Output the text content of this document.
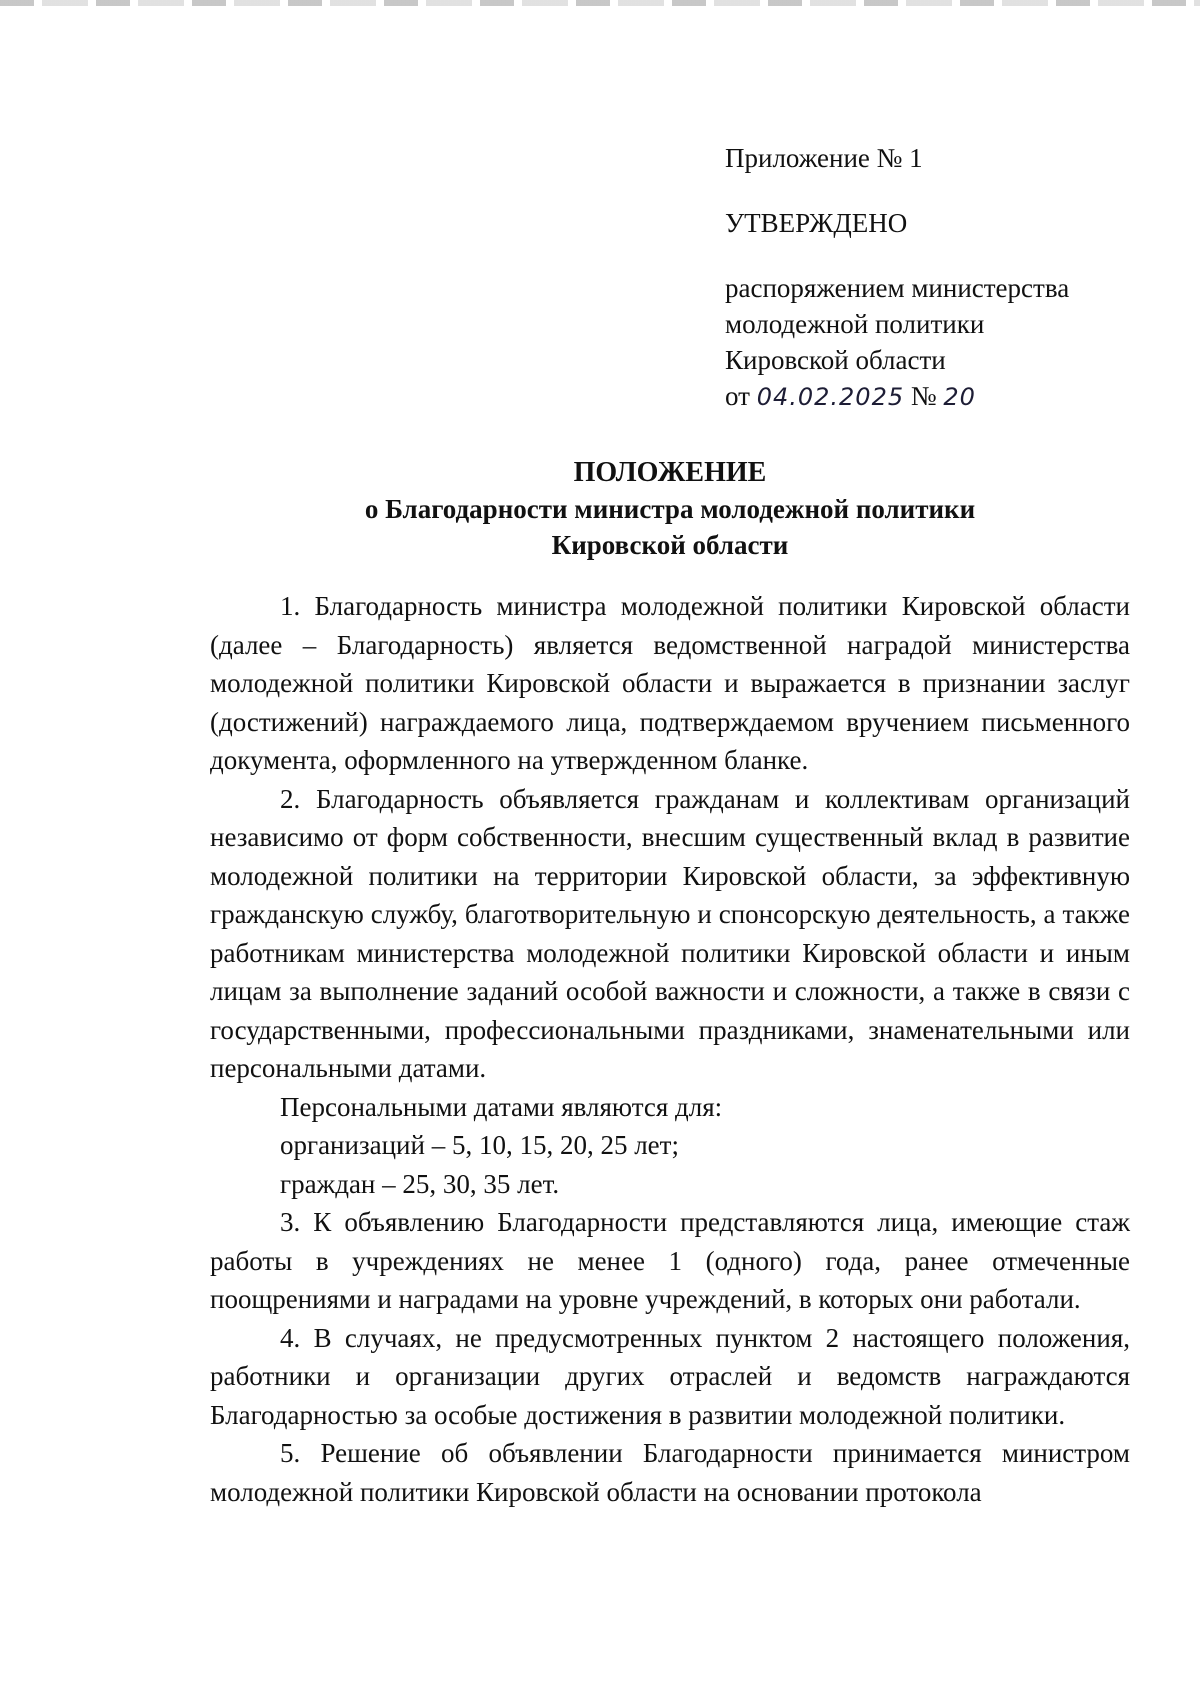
Приложение № 1
УТВЕРЖДЕНО
распоряжением министерства
молодежной политики
Кировской области
от 04.02.2025 № 20
ПОЛОЖЕНИЕ
о Благодарности министра молодежной политики
Кировской области

1. Благодарность министра молодежной политики Кировской области (далее – Благодарность) является ведомственной наградой министерства молодежной политики Кировской области и выражается в признании заслуг (достижений) награждаемого лица, подтверждаемом вручением письменного документа, оформленного на утвержденном бланке.

2. Благодарность объявляется гражданам и коллективам организаций независимо от форм собственности, внесшим существенный вклад в развитие молодежной политики на территории Кировской области, за эффективную гражданскую службу, благотворительную и спонсорскую деятельность, а также работникам министерства молодежной политики Кировской области и иным лицам за выполнение заданий особой важности и сложности, а также в связи с государственными, профессиональными праздниками, знаменательными или персональными датами.

Персональными датами являются для:

организаций – 5, 10, 15, 20, 25 лет;

граждан – 25, 30, 35 лет.

3. К объявлению Благодарности представляются лица, имеющие стаж работы в учреждениях не менее 1 (одного) года, ранее отмеченные поощрениями и наградами на уровне учреждений, в которых они работали.

4. В случаях, не предусмотренных пунктом 2 настоящего положения, работники и организации других отраслей и ведомств награждаются Благодарностью за особые достижения в развитии молодежной политики.

5. Решение об объявлении Благодарности принимается министром молодежной политики Кировской области на основании протокола
